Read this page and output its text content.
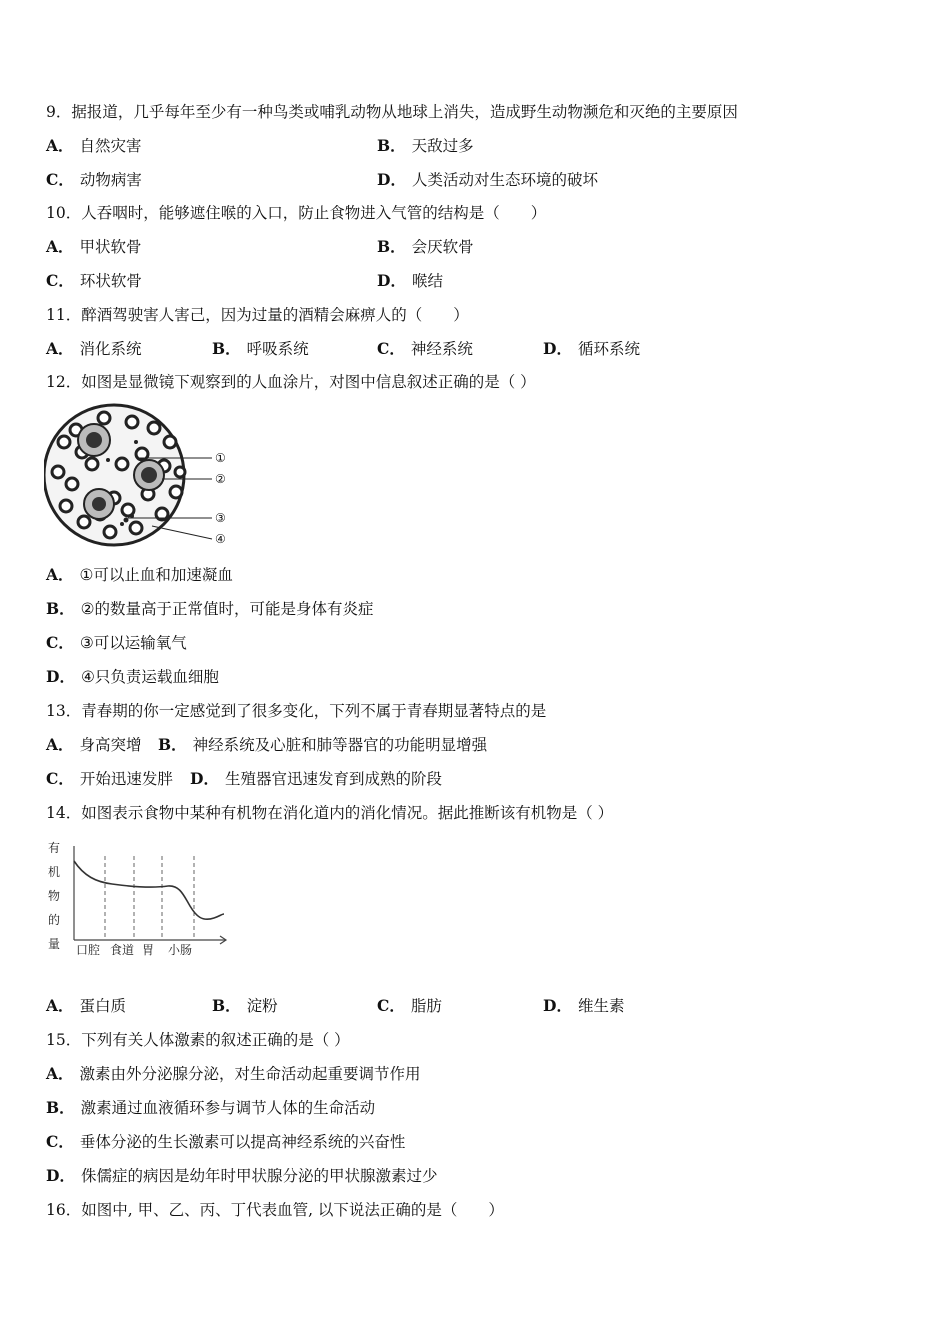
9．据报道，几乎每年至少有一种鸟类或哺乳动物从地球上消失，造成野生动物濒危和灭绝的主要原因
A． 自然灾害	B． 天敌过多
C． 动物病害	D． 人类活动对生态环境的破坏
10．人吞咽时，能够遮住喉的入口，防止食物进入气管的结构是（　　）
A． 甲状软骨	B． 会厌软骨
C． 环状软骨	D． 喉结
11．醉酒驾驶害人害己，因为过量的酒精会麻痹人的（　　）
A． 消化系统	B． 呼吸系统	C． 神经系统	D． 循环系统
12．如图是显微镜下观察到的人血涂片，对图中信息叙述正确的是（ ）
①
②
③
④
A． ①可以止血和加速凝血
B． ②的数量高于正常值时，可能是身体有炎症
C． ③可以运输氧气
D． ④只负责运载血细胞
13．青春期的你一定感觉到了很多变化，下列不属于青春期显著特点的是
A． 身高突增 B． 神经系统及心脏和肺等器官的功能明显增强
C． 开始迅速发胖 D． 生殖器官迅速发育到成熟的阶段
14．如图表示食物中某种有机物在消化道内的消化情况。据此推断该有机物是（ ）
有
机
物
的
量 口腔 食道 胃 小肠
A． 蛋白质	B． 淀粉	C． 脂肪	D． 维生素
15．下列有关人体激素的叙述正确的是（ ）
A． 激素由外分泌腺分泌，对生命活动起重要调节作用
B． 激素通过血液循环参与调节人体的生命活动
C． 垂体分泌的生长激素可以提高神经系统的兴奋性
D． 侏儒症的病因是幼年时甲状腺分泌的甲状腺激素过少
16．如图中, 甲、乙、丙、丁代表血管, 以下说法正确的是（　　）
